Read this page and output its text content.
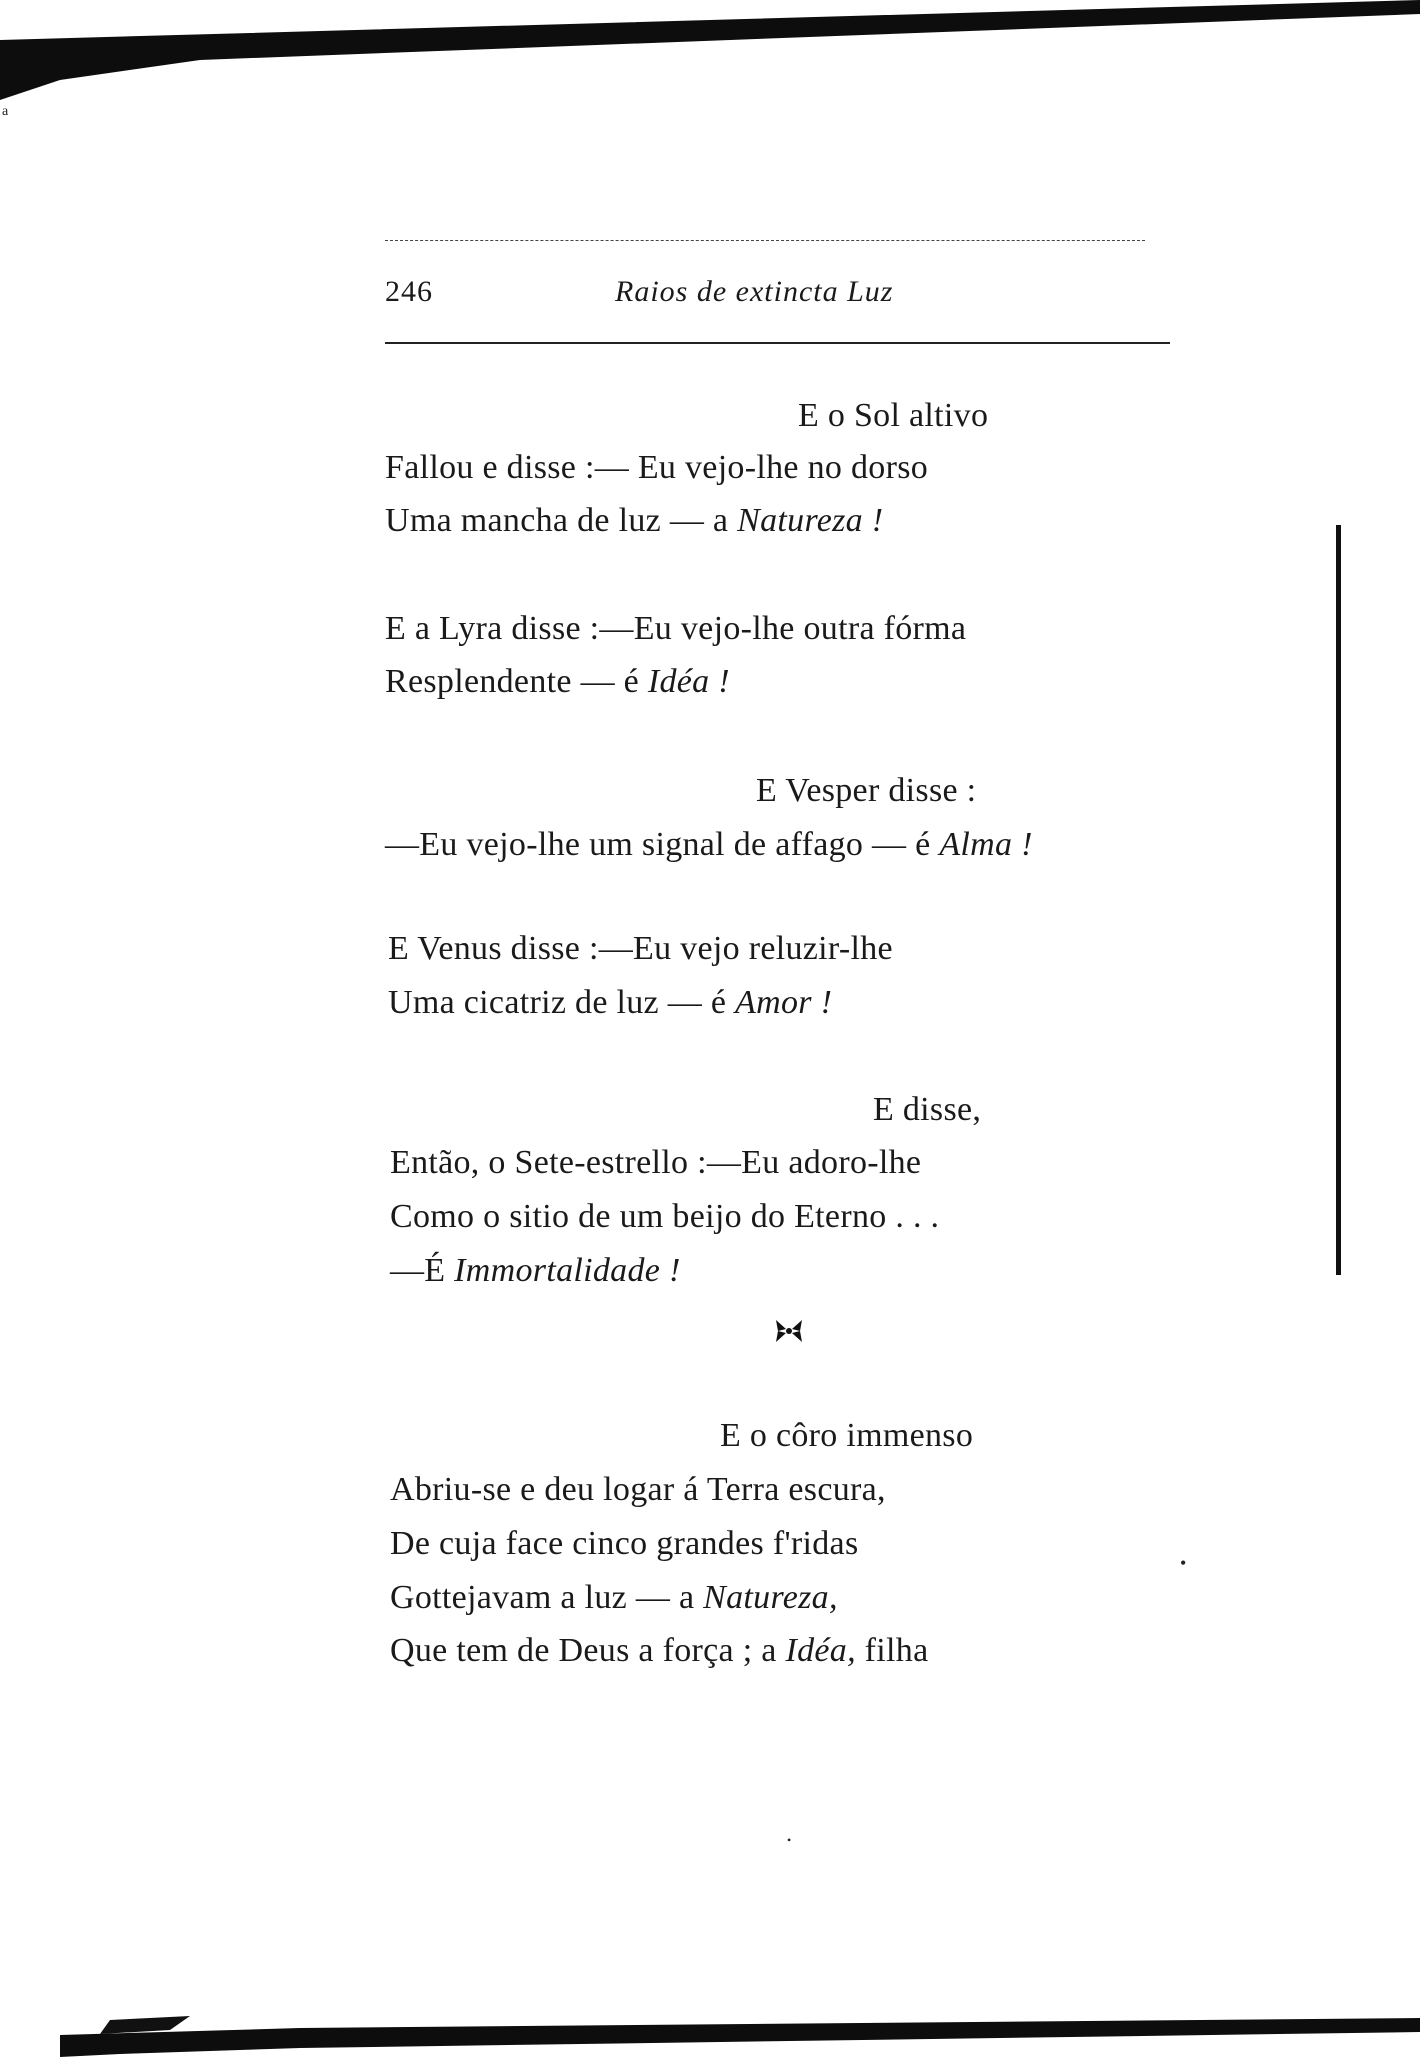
a
•
•
246	Raios de extincta Luz
E o Sol altivo
Fallou e disse :— Eu vejo-lhe no dorso
Uma mancha de luz — a Natureza !
E a Lyra disse :—Eu vejo-lhe outra fórma
Resplendente — é Idéa !
E Vesper disse :
—Eu vejo-lhe um signal de affago — é Alma !
E Venus disse :—Eu vejo reluzir-lhe
Uma cicatriz de luz — é Amor !
E disse,
Então, o Sete-estrello :—Eu adoro-lhe
Como o sitio de um beijo do Eterno . . .
—É Immortalidade !
E o côro immenso
Abriu-se e deu logar á Terra escura,
De cuja face cinco grandes f'ridas
Gottejavam a luz — a Natureza,
Que tem de Deus a força ; a Idéa, filha
